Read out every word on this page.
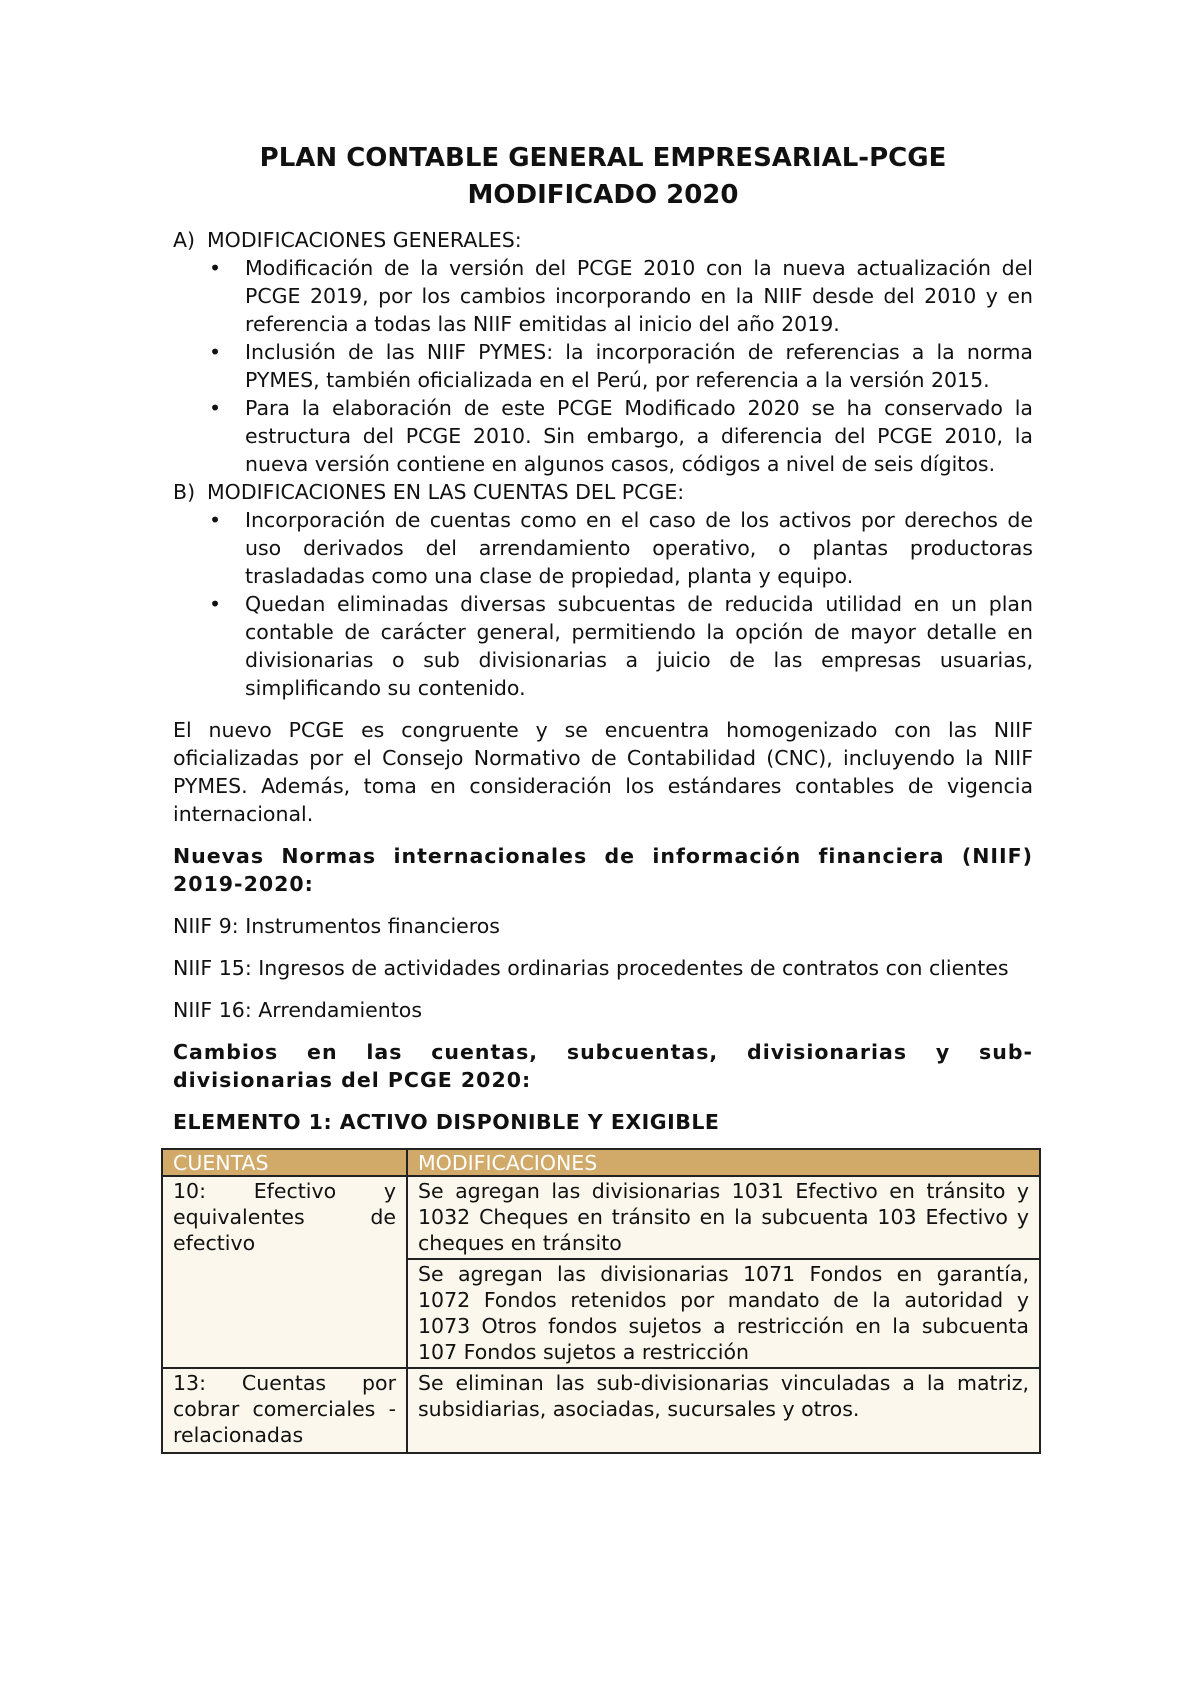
PLAN CONTABLE GENERAL EMPRESARIAL-PCGE
MODIFICADO 2020
A) MODIFICACIONES GENERALES:
• Modificación de la versión del PCGE 2010 con la nueva actualización del PCGE 2019, por los cambios incorporando en la NIIF desde del 2010 y en referencia a todas las NIIF emitidas al inicio del año 2019.
• Inclusión de las NIIF PYMES: la incorporación de referencias a la norma PYMES, también oficializada en el Perú, por referencia a la versión 2015.
• Para la elaboración de este PCGE Modificado 2020 se ha conservado la estructura del PCGE 2010. Sin embargo, a diferencia del PCGE 2010, la nueva versión contiene en algunos casos, códigos a nivel de seis dígitos.
B) MODIFICACIONES EN LAS CUENTAS DEL PCGE:
• Incorporación de cuentas como en el caso de los activos por derechos de uso derivados del arrendamiento operativo, o plantas productoras trasladadas como una clase de propiedad, planta y equipo.
• Quedan eliminadas diversas subcuentas de reducida utilidad en un plan contable de carácter general, permitiendo la opción de mayor detalle en divisionarias o sub divisionarias a juicio de las empresas usuarias, simplificando su contenido.

El nuevo PCGE es congruente y se encuentra homogenizado con las NIIF oficializadas por el Consejo Normativo de Contabilidad (CNC), incluyendo la NIIF PYMES. Además, toma en consideración los estándares contables de vigencia internacional.

Nuevas Normas internacionales de información financiera (NIIF) 2019-2020:

NIIF 9: Instrumentos financieros

NIIF 15: Ingresos de actividades ordinarias procedentes de contratos con clientes

NIIF 16: Arrendamientos

Cambios en las cuentas, subcuentas, divisionarias y sub-divisionarias del PCGE 2020:

ELEMENTO 1: ACTIVO DISPONIBLE Y EXIGIBLE

CUENTAS	MODIFICACIONES
10: Efectivo y equivalentes de efectivo	Se agregan las divisionarias 1031 Efectivo en tránsito y 1032 Cheques en tránsito en la subcuenta 103 Efectivo y cheques en tránsito
	Se agregan las divisionarias 1071 Fondos en garantía, 1072 Fondos retenidos por mandato de la autoridad y 1073 Otros fondos sujetos a restricción en la subcuenta 107 Fondos sujetos a restricción
13: Cuentas por cobrar comerciales - relacionadas	Se eliminan las sub-divisionarias vinculadas a la matriz, subsidiarias, asociadas, sucursales y otros.
